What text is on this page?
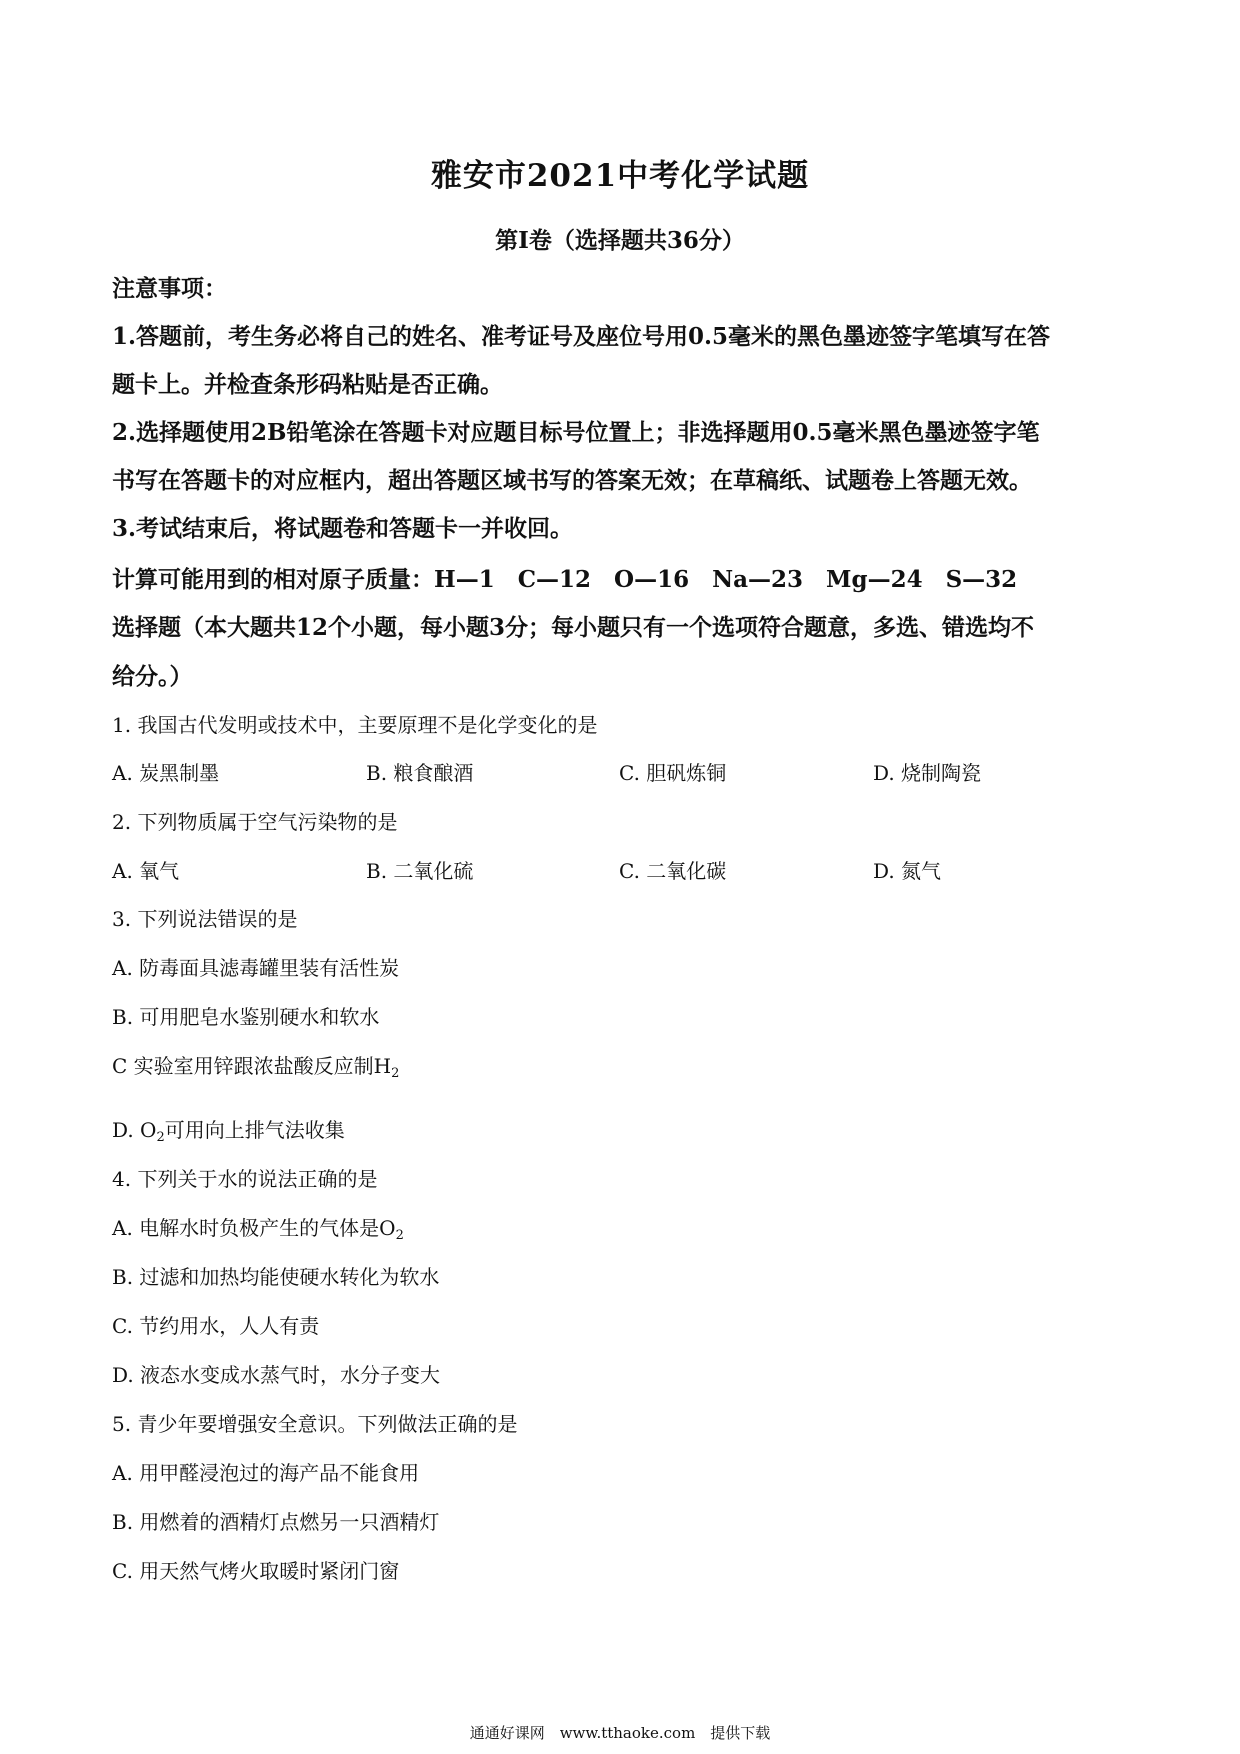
雅安市2021中考化学试题
第Ⅰ卷（选择题共36分）
注意事项：
1.答题前，考生务必将自己的姓名、准考证号及座位号用0.5毫米的黑色墨迹签字笔填写在答
题卡上。并检查条形码粘贴是否正确。
2.选择题使用2B铅笔涂在答题卡对应题目标号位置上；非选择题用0.5毫米黑色墨迹签字笔
书写在答题卡的对应框内，超出答题区域书写的答案无效；在草稿纸、试题卷上答题无效。
3.考试结束后，将试题卷和答题卡一并收回。
计算可能用到的相对原子质量：H—1　C—12　O—16　Na—23　Mg—24　S—32
选择题（本大题共12个小题，每小题3分；每小题只有一个选项符合题意，多选、错选均不
给分。）
1. 我国古代发明或技术中，主要原理不是化学变化的是
A. 炭黑制墨	B. 粮食酿酒	C. 胆矾炼铜	D. 烧制陶瓷
2. 下列物质属于空气污染物的是
A. 氧气	B. 二氧化硫	C. 二氧化碳	D. 氮气
3. 下列说法错误的是
A. 防毒面具滤毒罐里装有活性炭
B. 可用肥皂水鉴别硬水和软水
C 实验室用锌跟浓盐酸反应制$H_2$
D. $O_2$可用向上排气法收集
4. 下列关于水的说法正确的是
A. 电解水时负极产生的气体是$O_2$
B. 过滤和加热均能使硬水转化为软水
C. 节约用水，人人有责
D. 液态水变成水蒸气时，水分子变大
5. 青少年要增强安全意识。下列做法正确的是
A. 用甲醛浸泡过的海产品不能食用
B. 用燃着的酒精灯点燃另一只酒精灯
C. 用天然气烤火取暖时紧闭门窗
通通好课网　www.tthaoke.com　提供下载
